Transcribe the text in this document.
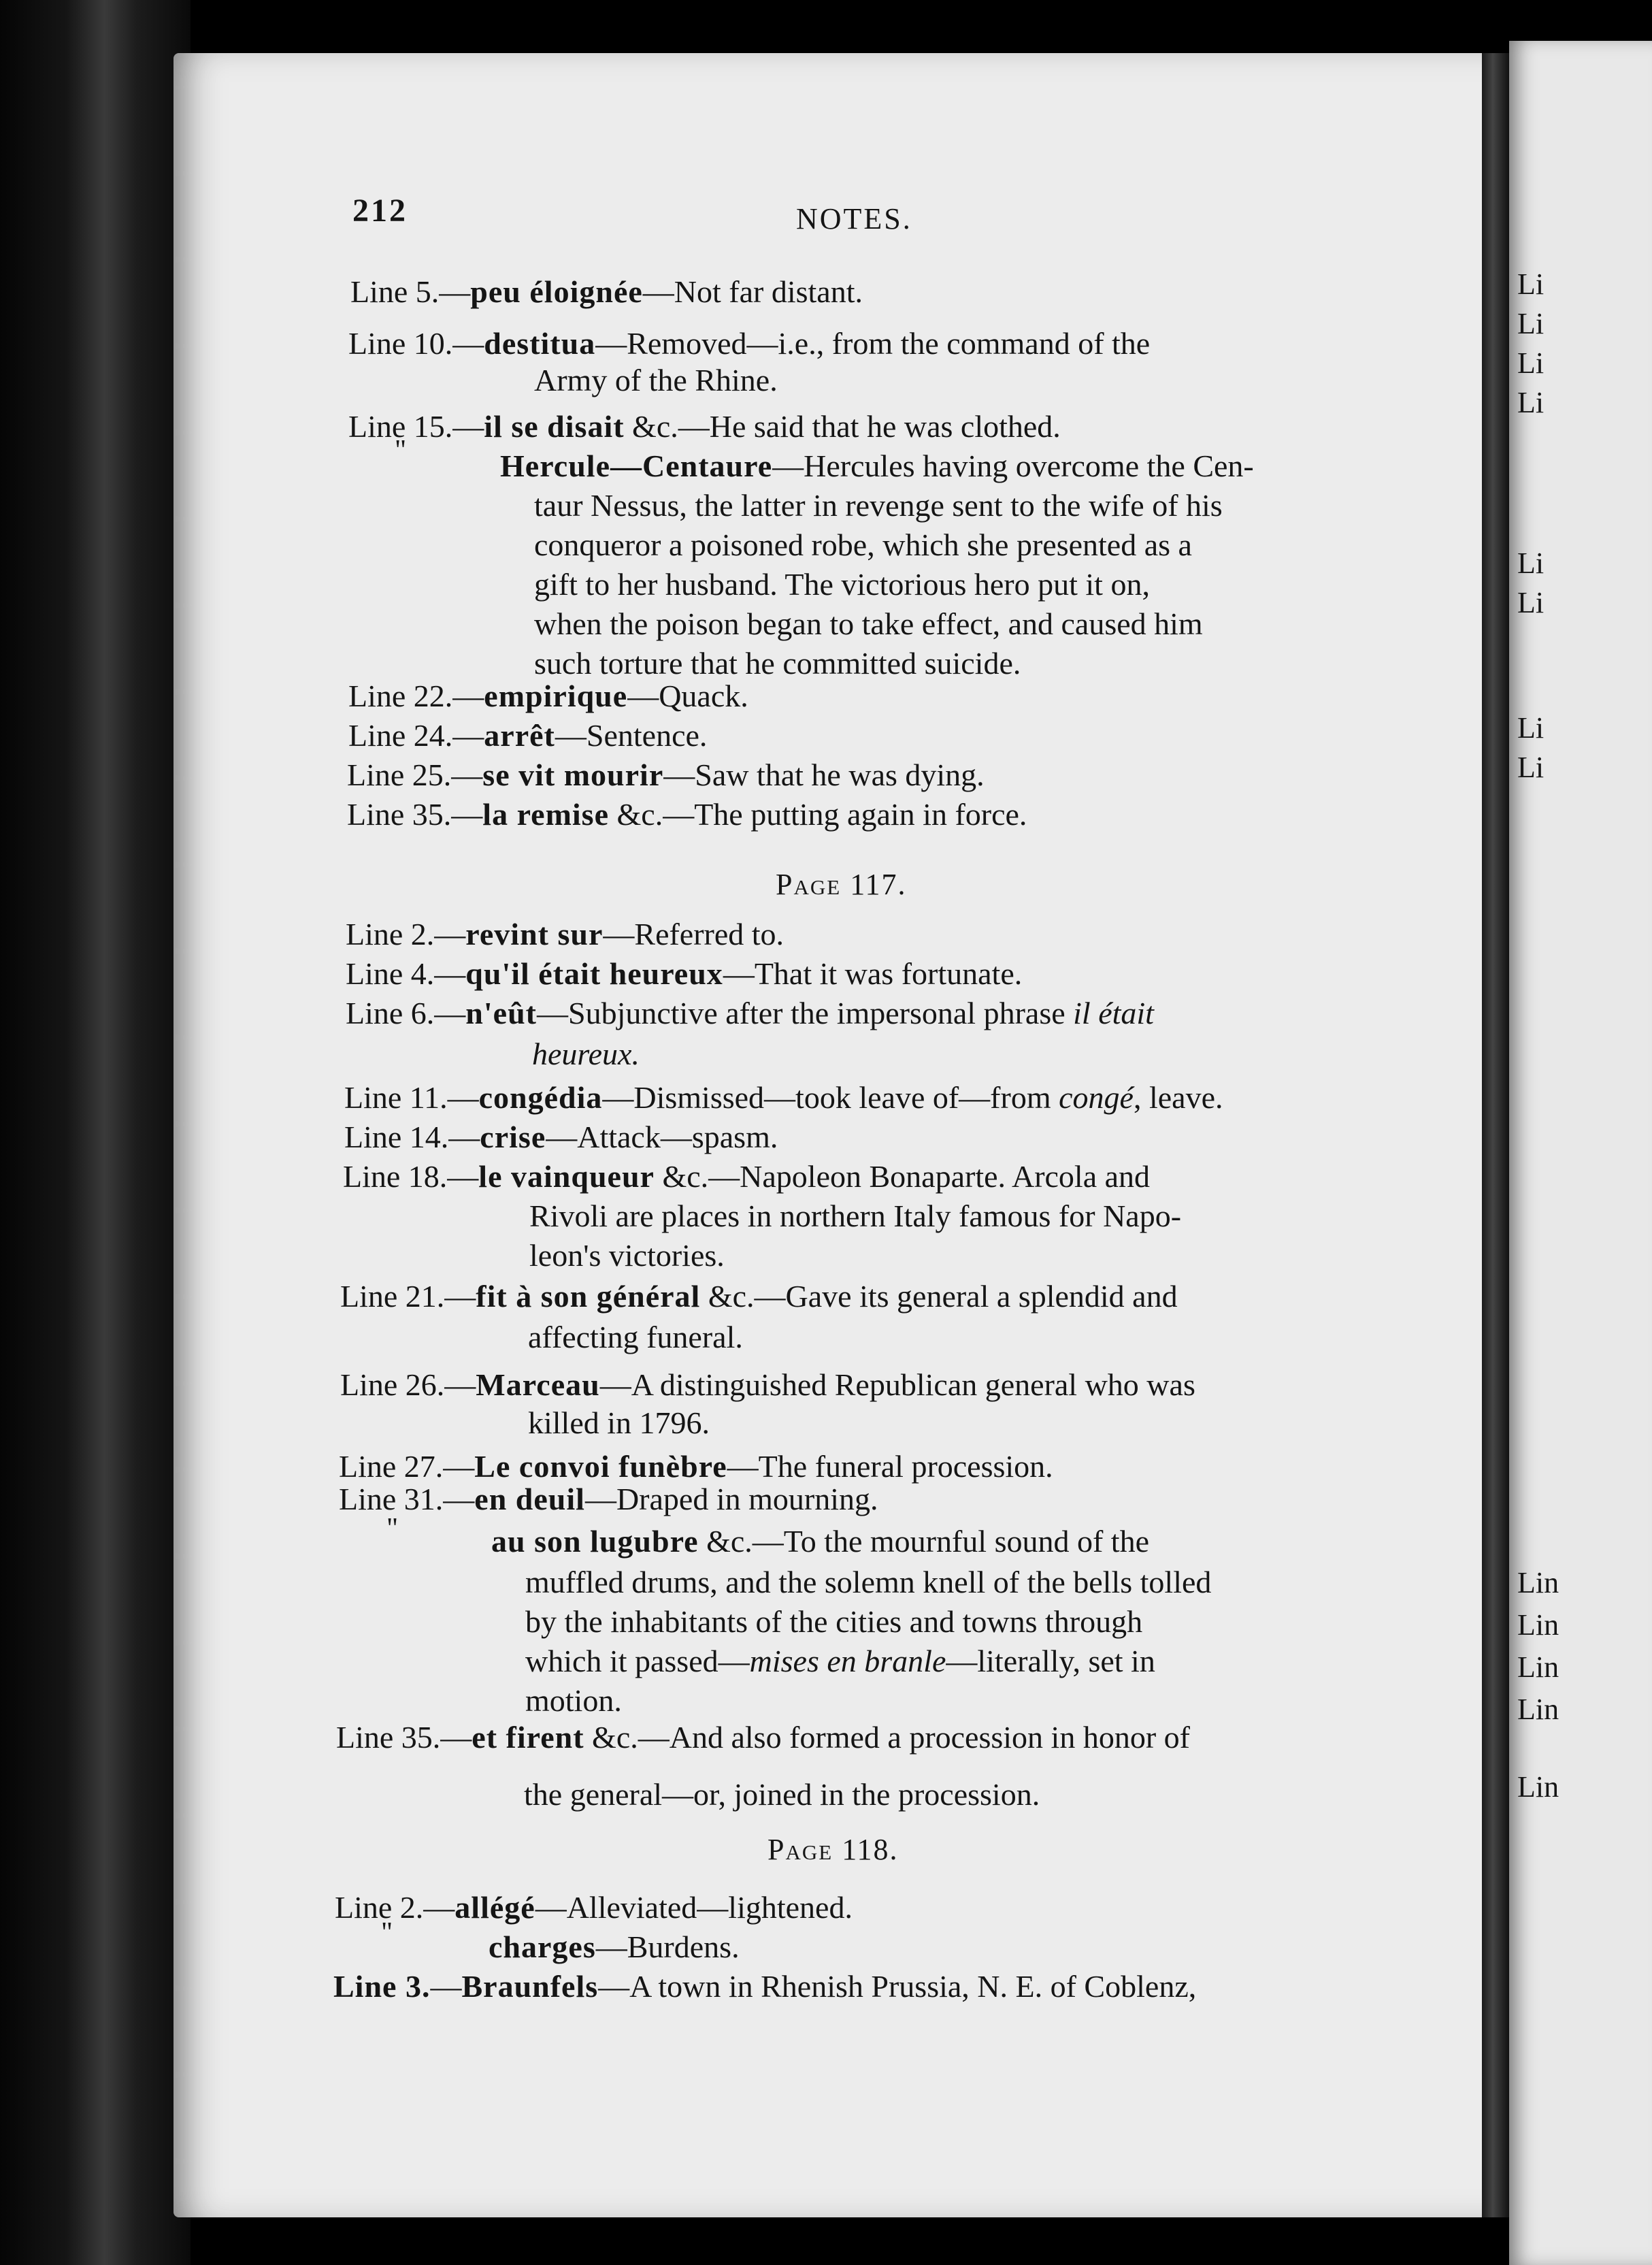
Li
Li
Li
Li
Li
Li
Li
Li
Lin
Lin
Lin
Lin
Lin
212	NOTES.
Line 5.—peu éloignée—Not far distant.
Line 10.—destitua—Removed—i.e., from the command of the
Army of the Rhine.
Line 15.—il se disait &c.—He said that he was clothed.
"	Hercule—Centaure—Hercules having overcome the Cen-
taur Nessus, the latter in revenge sent to the wife of his
conqueror a poisoned robe, which she presented as a
gift to her husband. The victorious hero put it on,
when the poison began to take effect, and caused him
such torture that he committed suicide.
Line 22.—empirique—Quack.
Line 24.—arrêt—Sentence.
Line 25.—se vit mourir—Saw that he was dying.
Line 35.—la remise &c.—The putting again in force.
Page 117.
Line 2.—revint sur—Referred to.
Line 4.—qu'il était heureux—That it was fortunate.
Line 6.—n'eût—Subjunctive after the impersonal phrase il était
heureux.
Line 11.—congédia—Dismissed—took leave of—from congé, leave.
Line 14.—crise—Attack—spasm.
Line 18.—le vainqueur &c.—Napoleon Bonaparte. Arcola and
Rivoli are places in northern Italy famous for Napo-
leon's victories.
Line 21.—fit à son général &c.—Gave its general a splendid and
affecting funeral.
Line 26.—Marceau—A distinguished Republican general who was
killed in 1796.
Line 27.—Le convoi funèbre—The funeral procession.
Line 31.—en deuil—Draped in mourning.
"	au son lugubre &c.—To the mournful sound of the
muffled drums, and the solemn knell of the bells tolled
by the inhabitants of the cities and towns through
which it passed—mises en branle—literally, set in
motion.
Line 35.—et firent &c.—And also formed a procession in honor of
the general—or, joined in the procession.
Page 118.
Line 2.—allégé—Alleviated—lightened.
"	charges—Burdens.
Line 3.—Braunfels—A town in Rhenish Prussia, N. E. of Coblenz,
